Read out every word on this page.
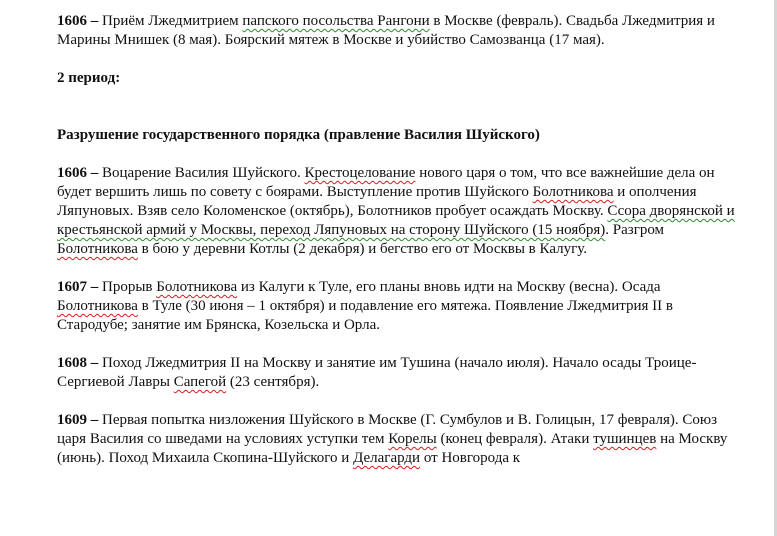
1606 – Приём Лжедмитрием папского посольства Рангони в Москве (февраль). Свадьба Лжедмитрия и Марины Мнишек (8 мая). Боярский мятеж в Москве и убийство Самозванца (17 мая).

2 период:

Разрушение государственного порядка (правление Василия Шуйского)

1606 – Воцарение Василия Шуйского. Крестоцелование нового царя о том, что все важнейшие дела он будет вершить лишь по совету с боярами. Выступление против Шуйского Болотникова и ополчения Ляпуновых. Взяв село Коломенское (октябрь), Болотников пробует осаждать Москву. Ссора дворянской и крестьянской армий у Москвы, переход Ляпуновых на сторону Шуйского (15 ноября). Разгром Болотникова в бою у деревни Котлы (2 декабря) и бегство его от Москвы в Калугу.

1607 – Прорыв Болотникова из Калуги к Туле, его планы вновь идти на Москву (весна). Осада Болотникова в Туле (30 июня – 1 октября) и подавление его мятежа. Появление Лжедмитрия II в Стародубе; занятие им Брянска, Козельска и Орла.

1608 – Поход Лжедмитрия II на Москву и занятие им Тушина (начало июля). Начало осады Троице-Сергиевой Лавры Сапегой (23 сентября).

1609 – Первая попытка низложения Шуйского в Москве (Г. Сумбулов и В. Голицын, 17 февраля). Союз царя Василия со шведами на условиях уступки тем Корелы (конец февраля). Атаки тушинцев на Москву (июнь). Поход Михаила Скопина-Шуйского и Делагарди от Новгорода к
